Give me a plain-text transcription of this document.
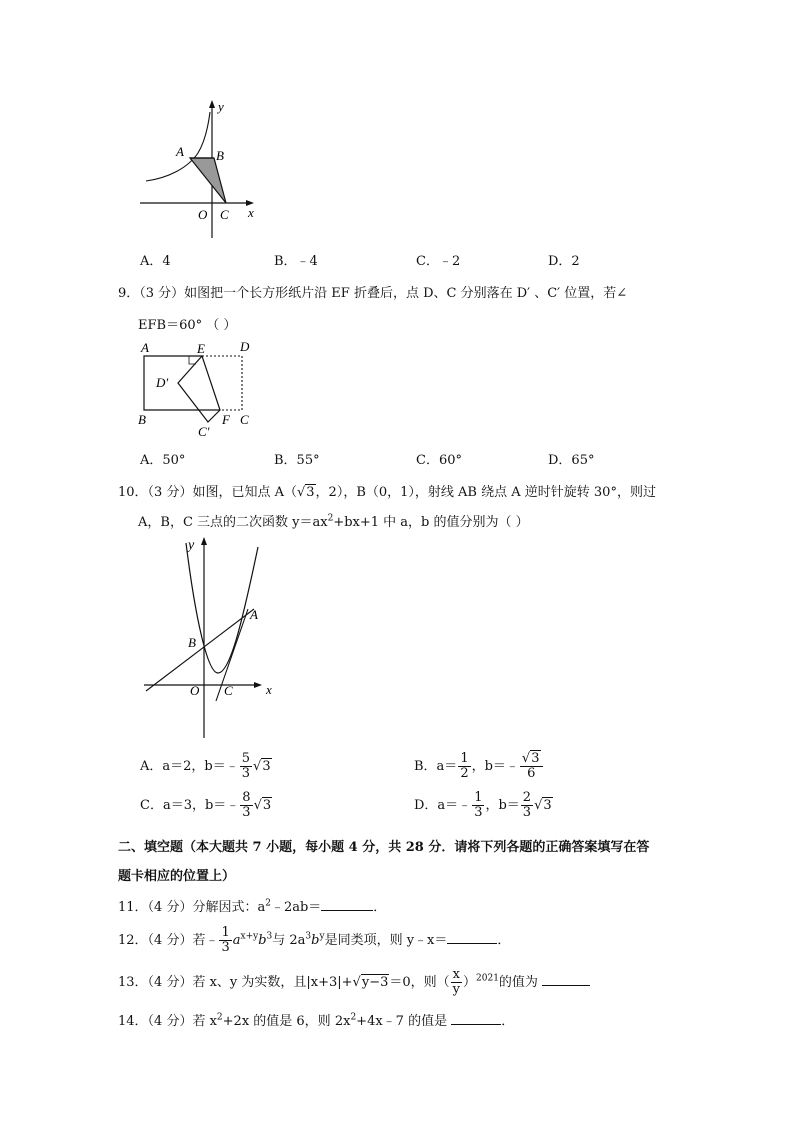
y
A B
O C x
A．4	B．﹣4	C．﹣2	D．2
9．（3 分）如图把一个长方形纸片沿 EF 折叠后，点 D、C 分别落在 D′ 、C′ 位置，若∠
EFB＝60° （ ）
A	E	D
D′
B	F C
C′
A．50°	B．55°	C．60°	D．65°
10．（3 分）如图，已知点 A（√3，2），B（0，1），射线 AB 绕点 A 逆时针旋转 30°，则过
A，B，C 三点的二次函数 $y=ax^2+bx+1$ 中 a，b 的值分别为（ ）
y
A
B
O C	x
A．a＝2，b＝﹣ $\frac{5}{3} √3$	B．$a= \frac{1}{2}$ ，b＝﹣ $\frac{√3}{6}$
C．a＝3，b＝﹣ $\frac{8}{3} √3$	D．a＝﹣ $\frac{1}{3}$ ，$b= \frac{2}{3} √3$
二、填空题（本大题共 7 小题，每小题 4 分，共 28 分．请将下列各题的正确答案填写在答
题卡相应的位置上）
11．（4 分）分解因式：$a^2﹣2ab=$	．
12．（4 分）若﹣ $\frac{1}{3} a^{x+y}b^3$与 $2a^3b^y$是同类项，则 y﹣x＝	．
13．（4 分）若 x、y 为实数，且|x+3|+√y−3＝0，则（ $\frac{x}{y} )^{2021}$的值为
14．（4 分）若 $x^2+2x$ 的值是 6，则 $2x^2+4x﹣7$ 的值是	．
